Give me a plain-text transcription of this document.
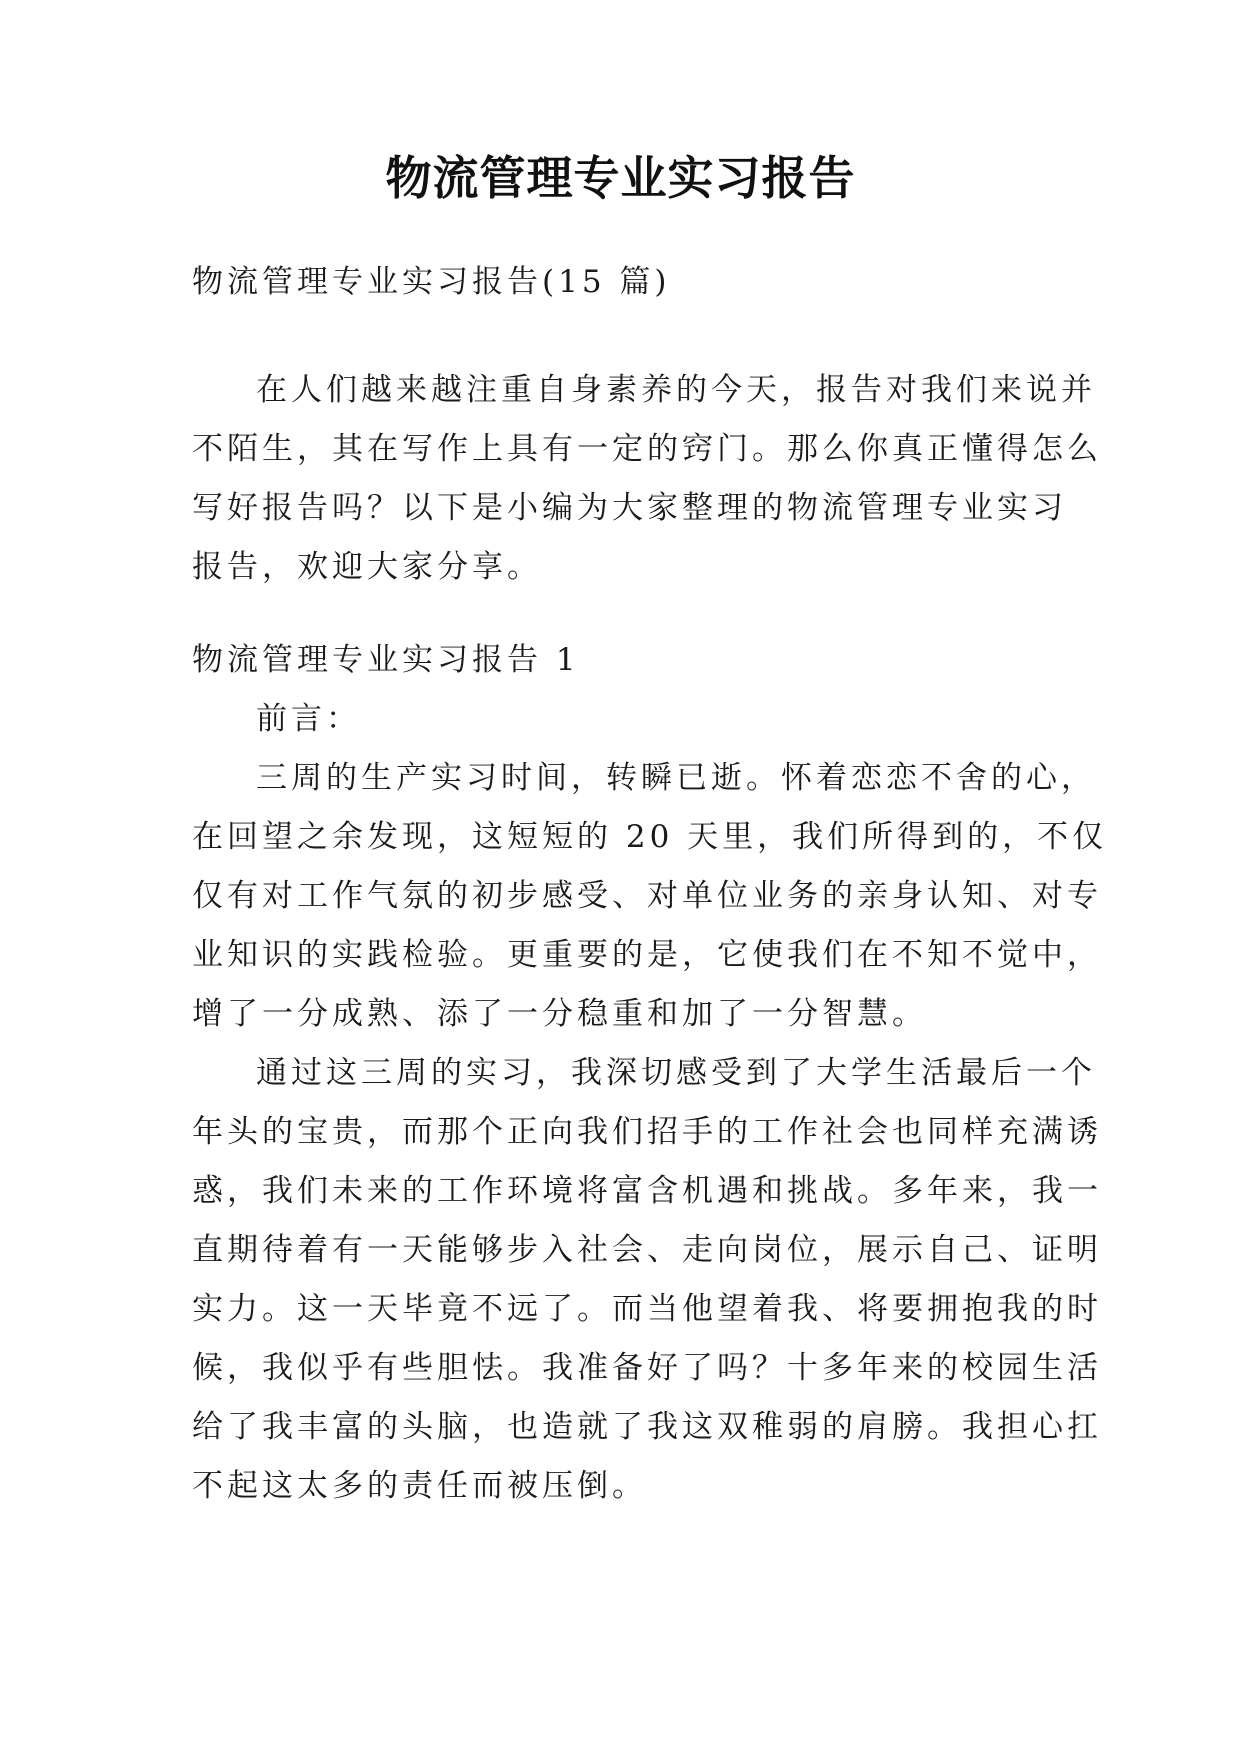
物流管理专业实习报告
物流管理专业实习报告(15 篇)
在人们越来越注重自身素养的今天，报告对我们来说并
不陌生，其在写作上具有一定的窍门。那么你真正懂得怎么
写好报告吗？以下是小编为大家整理的物流管理专业实习
报告，欢迎大家分享。
物流管理专业实习报告 1
前言：
三周的生产实习时间，转瞬已逝。怀着恋恋不舍的心，
在回望之余发现，这短短的 20 天里，我们所得到的，不仅
仅有对工作气氛的初步感受、对单位业务的亲身认知、对专
业知识的实践检验。更重要的是，它使我们在不知不觉中，
增了一分成熟、添了一分稳重和加了一分智慧。
通过这三周的实习，我深切感受到了大学生活最后一个
年头的宝贵，而那个正向我们招手的工作社会也同样充满诱
惑，我们未来的工作环境将富含机遇和挑战。多年来，我一
直期待着有一天能够步入社会、走向岗位，展示自己、证明
实力。这一天毕竟不远了。而当他望着我、将要拥抱我的时
候，我似乎有些胆怯。我准备好了吗？十多年来的校园生活
给了我丰富的头脑，也造就了我这双稚弱的肩膀。我担心扛
不起这太多的责任而被压倒。
